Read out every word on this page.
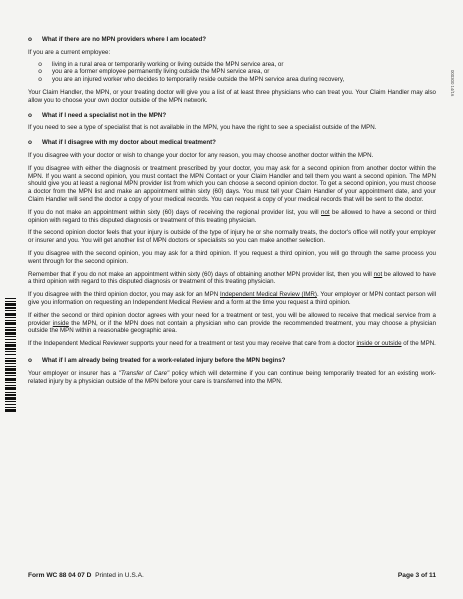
000300 14/16
o	What if there are no MPN providers where I am located?
If you are a current employee:
o	living in a rural area or temporarily working or living outside the MPN service area, or
o	you are a former employee permanently living outside the MPN service area, or
o	you are an injured worker who decides to temporarily reside outside the MPN service area during recovery,
Your Claim Handler, the MPN, or your treating doctor will give you a list of at least three physicians who can treat you. Your Claim Handler may also allow you to choose your own doctor outside of the MPN network.
o	What if I need a specialist not in the MPN?
If you need to see a type of specialist that is not available in the MPN, you have the right to see a specialist outside of the MPN.
o	What if I disagree with my doctor about medical treatment?
If you disagree with your doctor or wish to change your doctor for any reason, you may choose another doctor within the MPN.
If you disagree with either the diagnosis or treatment prescribed by your doctor, you may ask for a second opinion from another doctor within the MPN. If you want a second opinion, you must contact the MPN Contact or your Claim Handler and tell them you want a second opinion. The MPN should give you at least a regional MPN provider list from which you can choose a second opinion doctor. To get a second opinion, you must choose a doctor from the MPN list and make an appointment within sixty (60) days. You must tell your Claim Handler of your appointment date, and your Claim Handler will send the doctor a copy of your medical records. You can request a copy of your medical records that will be sent to the doctor.
If you do not make an appointment within sixty (60) days of receiving the regional provider list, you will not be allowed to have a second or third opinion with regard to this disputed diagnosis or treatment of this treating physician.
If the second opinion doctor feels that your injury is outside of the type of injury he or she normally treats, the doctor's office will notify your employer or insurer and you. You will get another list of MPN doctors or specialists so you can make another selection.
If you disagree with the second opinion, you may ask for a third opinion. If you request a third opinion, you will go through the same process you went through for the second opinion.
Remember that if you do not make an appointment within sixty (60) days of obtaining another MPN provider list, then you will not be allowed to have a third opinion with regard to this disputed diagnosis or treatment of this treating physician.
If you disagree with the third opinion doctor, you may ask for an MPN Independent Medical Review (IMR). Your employer or MPN contact person will give you information on requesting an Independent Medical Review and a form at the time you request a third opinion.
If either the second or third opinion doctor agrees with your need for a treatment or test, you will be allowed to receive that medical service from a provider inside the MPN, or if the MPN does not contain a physician who can provide the recommended treatment, you may choose a physician outside the MPN within a reasonable geographic area.
If the Independent Medical Reviewer supports your need for a treatment or test you may receive that care from a doctor inside or outside of the MPN.
o	What if I am already being treated for a work-related injury before the MPN begins?
Your employer or insurer has a "Transfer of Care" policy which will determine if you can continue being temporarily treated for an existing work-related injury by a physician outside of the MPN before your care is transferred into the MPN.
Form WC 88 04 07 D Printed in U.S.A.	Page 3 of 11
